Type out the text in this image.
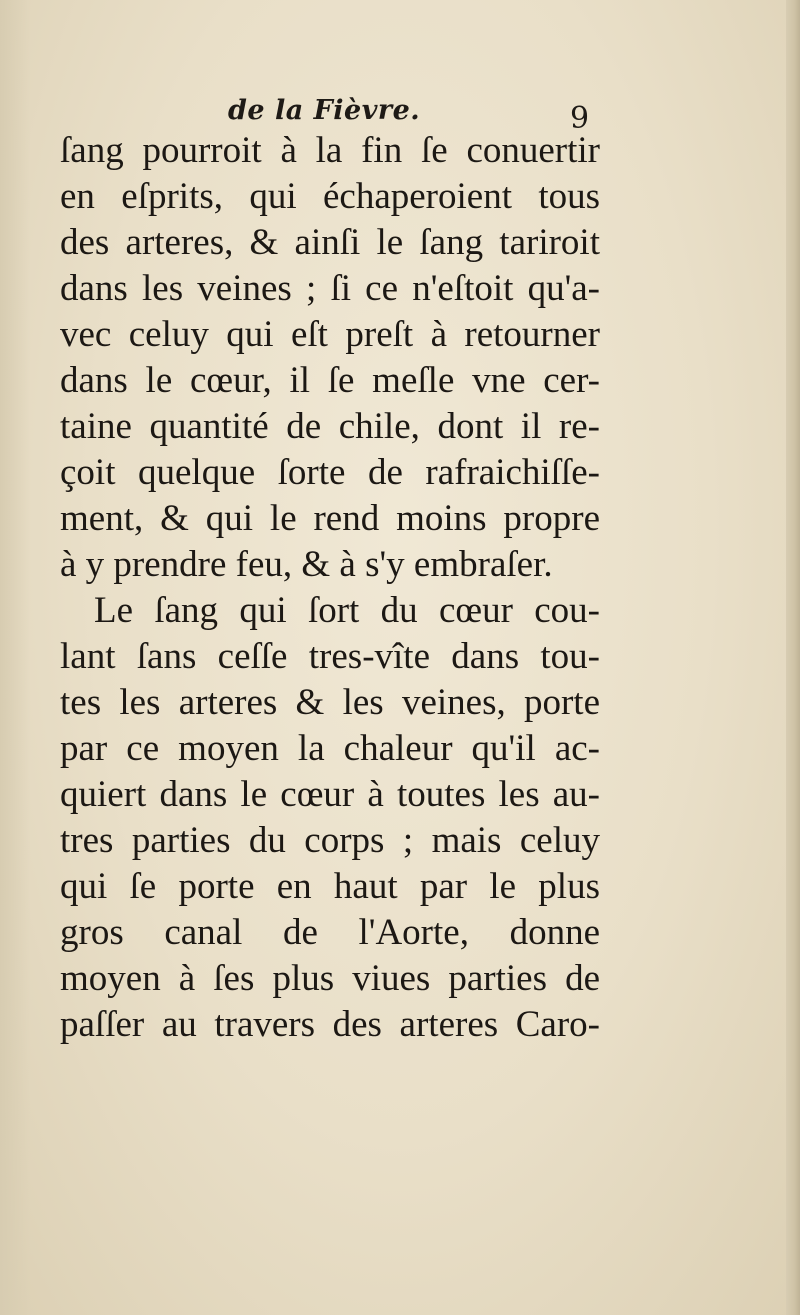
de la Fièvre.	9
ſang pourroit à la fin ſe conuertir
en eſprits, qui échaperoient tous
des arteres, & ainſi le ſang tariroit
dans les veines ; ſi ce n'eſtoit qu'a-
vec celuy qui eſt preſt à retourner
dans le cœur, il ſe meſle vne cer-
taine quantité de chile, dont il re-
çoit quelque ſorte de rafraichiſſe-
ment, & qui le rend moins propre
à y prendre feu, & à s'y embraſer.
Le ſang qui ſort du cœur cou-
lant ſans ceſſe tres-vîte dans tou-
tes les arteres & les veines, porte
par ce moyen la chaleur qu'il ac-
quiert dans le cœur à toutes les au-
tres parties du corps ; mais celuy
qui ſe porte en haut par le plus
gros canal de l'Aorte, donne
moyen à ſes plus viues parties de
paſſer au travers des arteres Caro-
